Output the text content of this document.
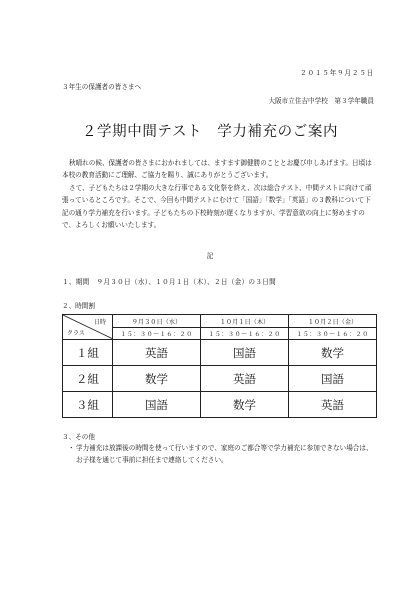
２０１５年９月２５日
３年生の保護者の皆さまへ
大阪市立住吉中学校　第３学年職員
２学期中間テスト　学力補充のご案内

秋晴れの候、保護者の皆さまにおかれましては、ますます御健勝のこととお慶び申しあげます。日頃は本校の教育活動にご理解、ご協力を賜り、誠にありがとうございます。

さて、子どもたちは２学期の大きな行事である文化祭を終え、次は総合テスト、中間テストに向けて頑張っているところです。そこで、今回も中間テストにむけて「国語」「数学」「英語」の３教科について下記の通り学力補充を行います。子どもたちの下校時刻が遅くなりますが、学習意欲の向上に努めますので、よろしくお願いいたします。

記
１、期間　９月３０日（水）、１０月１日（木）、２日（金）の３日間
２、時間割
日時
クラス	９月３０日（水）	１０月１日（木）	１０月２日（金）
	１５：３０〜１６：２０	１５：３０〜１６：２０	１５：３０〜１６：２０
１組	英語	国語	数学
２組	数学	英語	国語
３組	国語	数学	英語
３、その他
・ 学力補充は放課後の時間を使って行いますので、家庭のご都合等で学力補充に参加できない場合は、お子様を通じて事前に担任まで連絡してください。
